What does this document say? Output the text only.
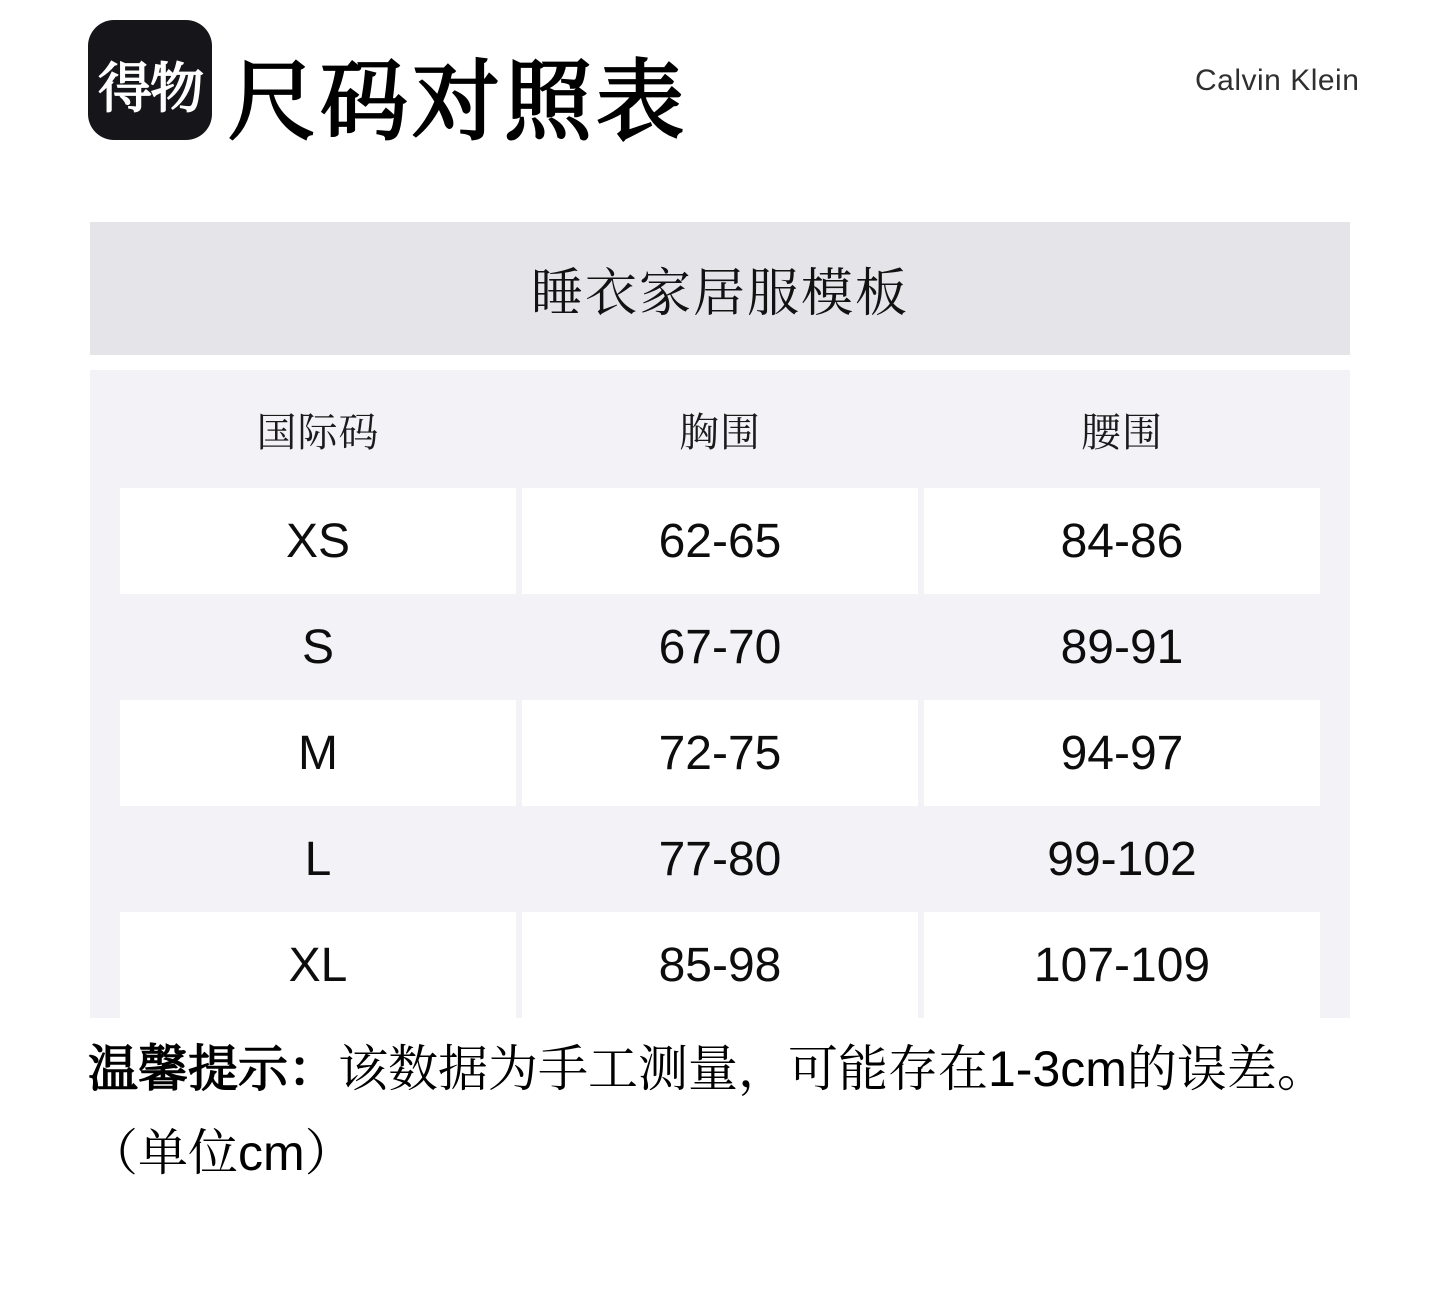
得物 尺码对照表	Calvin Klein
睡衣家居服模板
国际码	胸围	腰围
XS	62-65	84-86
S	67-70	89-91
M	72-75	94-97
L	77-80	99-102
XL	85-98	107-109

温馨提示：该数据为手工测量，可能存在1-3cm的误差。

（单位cm）
